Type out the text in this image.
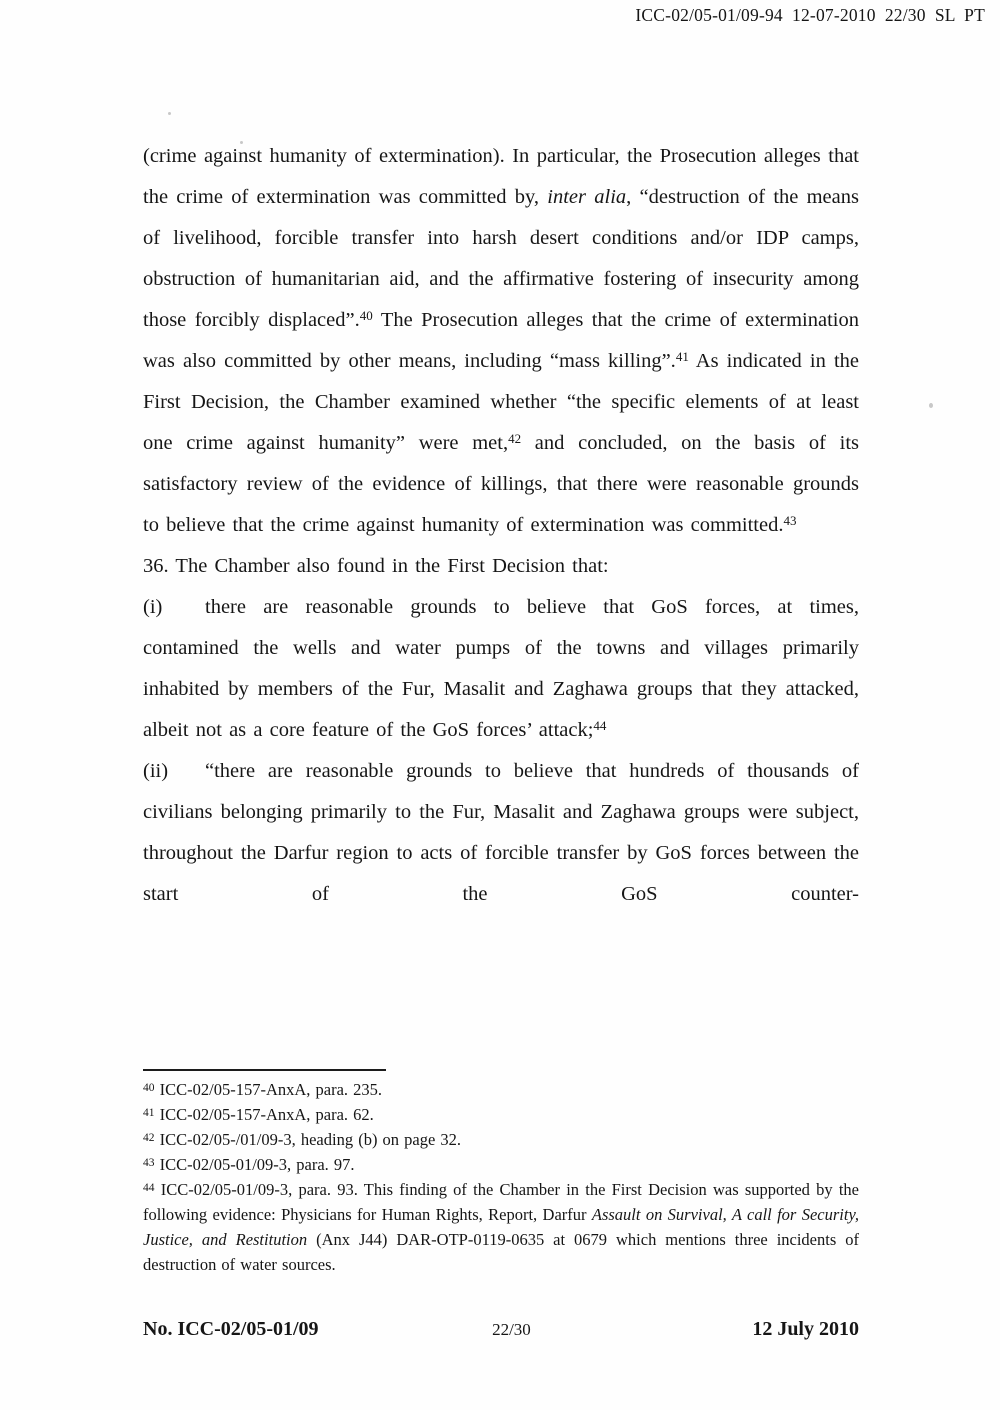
ICC-02/05-01/09-94  12-07-2010  22/30  SL  PT

(crime against humanity of extermination). In particular, the Prosecution alleges that the crime of extermination was committed by, inter alia, “destruction of the means of livelihood, forcible transfer into harsh desert conditions and/or IDP camps, obstruction of humanitarian aid, and the affirmative fostering of insecurity among those forcibly displaced”.$^{40}$ The Prosecution alleges that the crime of extermination was also committed by other means, including “mass killing”.$^{41}$ As indicated in the First Decision, the Chamber examined whether “the specific elements of at least one crime against humanity” were met,$^{42}$ and concluded, on the basis of its satisfactory review of the evidence of killings, that there were reasonable grounds to believe that the crime against humanity of extermination was committed.$^{43}$

36. The Chamber also found in the First Decision that:

(i) there are reasonable grounds to believe that GoS forces, at times, contamined the wells and water pumps of the towns and villages primarily inhabited by members of the Fur, Masalit and Zaghawa groups that they attacked, albeit not as a core feature of the GoS forces’ attack;$^{44}$

(ii) “there are reasonable grounds to believe that hundreds of thousands of civilians belonging primarily to the Fur, Masalit and Zaghawa groups were subject, throughout the Darfur region to acts of forcible transfer by GoS forces between the start of the GoS counter-

$^{40}$ ICC-02/05-157-AnxA, para. 235.

$^{41}$ ICC-02/05-157-AnxA, para. 62.

$^{42}$ ICC-02/05-/01/09-3, heading (b) on page 32.

$^{43}$ ICC-02/05-01/09-3, para. 97.

$^{44}$ ICC-02/05-01/09-3, para. 93. This finding of the Chamber in the First Decision was supported by the following evidence: Physicians for Human Rights, Report, Darfur Assault on Survival, A call for Security, Justice, and Restitution (Anx J44) DAR-OTP-0119-0635 at 0679 which mentions three incidents of destruction of water sources.

No. ICC-02/05-01/09	22/30	12 July 2010
